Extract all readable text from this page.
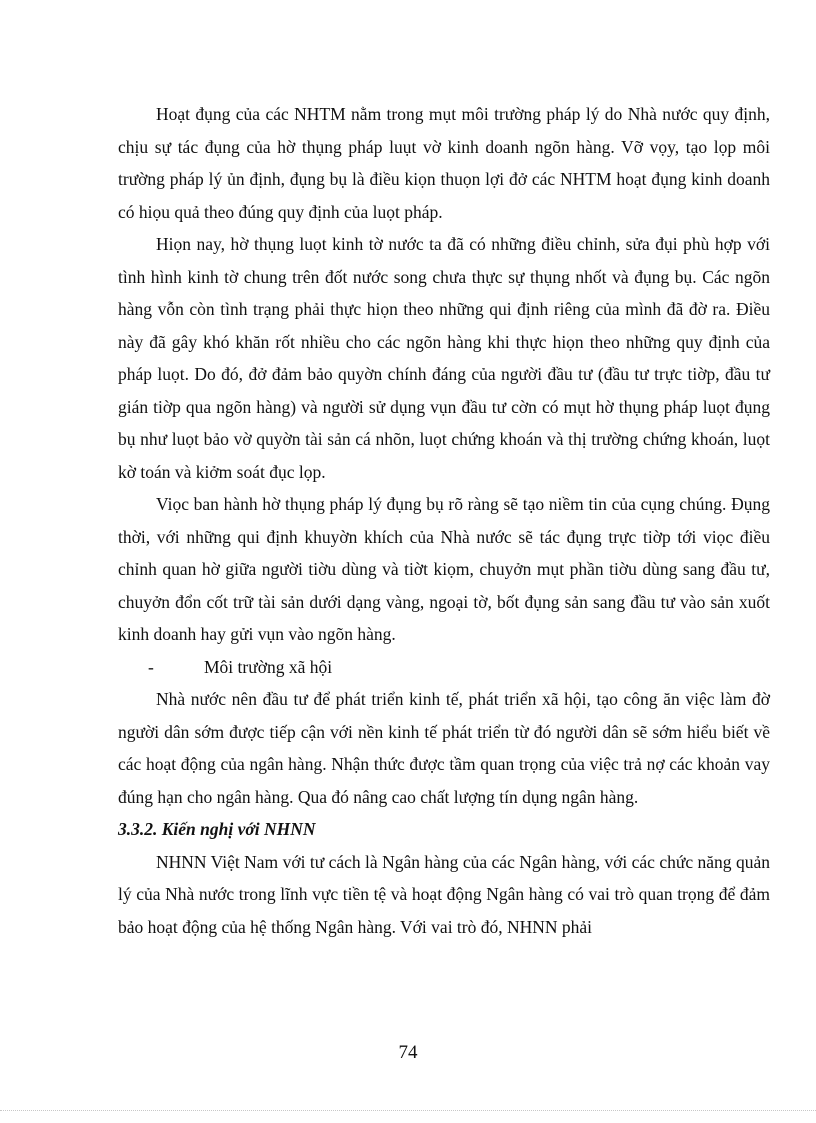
Hoạt đụng của các NHTM nằm trong mụt môi trường pháp lý do Nhà nước quy định, chịu sự tác đụng của hờ thụng pháp luụt vờ kinh doanh ngõn hàng. Vỡ vọy, tạo lọp môi trường pháp lý ủn định, đụng bụ là điều kiọn thuọn lợi đở các NHTM hoạt đụng kinh doanh có hiọu quả theo đúng quy định của luọt pháp.

Hiọn nay, hờ thụng luọt kinh tờ nước ta đã có những điều chỉnh, sửa đụi phù hợp với tình hình kinh tờ chung trên đốt nước song chưa thực sự thụng nhốt và đụng bụ. Các ngõn hàng vỗn còn tình trạng phải thực hiọn theo những qui định riêng của mình đã đờ ra. Điều này đã gây khó khăn rốt nhiều cho các ngõn hàng khi thực hiọn theo những quy định của pháp luọt. Do đó, đở đảm bảo quyờn chính đáng của người đầu tư (đầu tư trực tiờp, đầu tư gián tiờp qua ngõn hàng) và người sử dụng vụn đầu tư cờn có mụt hờ thụng pháp luọt đụng bụ như luọt bảo vờ quyờn tài sản cá nhõn, luọt chứng khoán và thị trường chứng khoán, luọt kờ toán và kiởm soát đục lọp.

Viọc ban hành hờ thụng pháp lý đụng bụ rõ ràng sẽ tạo niềm tin của cụng chúng. Đụng thời, với những qui định khuyờn khích của Nhà nước sẽ tác đụng trực tiờp tới viọc điều chỉnh quan hờ giữa người tiờu dùng và tiờt kiọm, chuyởn mụt phần tiờu dùng sang đầu tư, chuyởn đổn cốt trữ tài sản dưới dạng vàng, ngoại tờ, bốt đụng sản sang đầu tư vào sản xuốt kinh doanh hay gửi vụn vào ngõn hàng.

-	Môi trường xã hội

Nhà nước nên đầu tư để phát triển kinh tế, phát triển xã hội, tạo công ăn việc làm đờ người dân sớm được tiếp cận với nền kinh tế phát triển từ đó người dân sẽ sớm hiểu biết về các hoạt động của ngân hàng. Nhận thức được tầm quan trọng của việc trả nợ các khoản vay đúng hạn cho ngân hàng. Qua đó nâng cao chất lượng tín dụng ngân hàng.

3.3.2. Kiến nghị với NHNN

NHNN Việt Nam với tư cách là Ngân hàng của các Ngân hàng, với các chức năng quản lý của Nhà nước trong lĩnh vực tiền tệ và hoạt động Ngân hàng có vai trò quan trọng để đảm bảo hoạt động của hệ thống Ngân hàng. Với vai trò đó, NHNN phải

74
